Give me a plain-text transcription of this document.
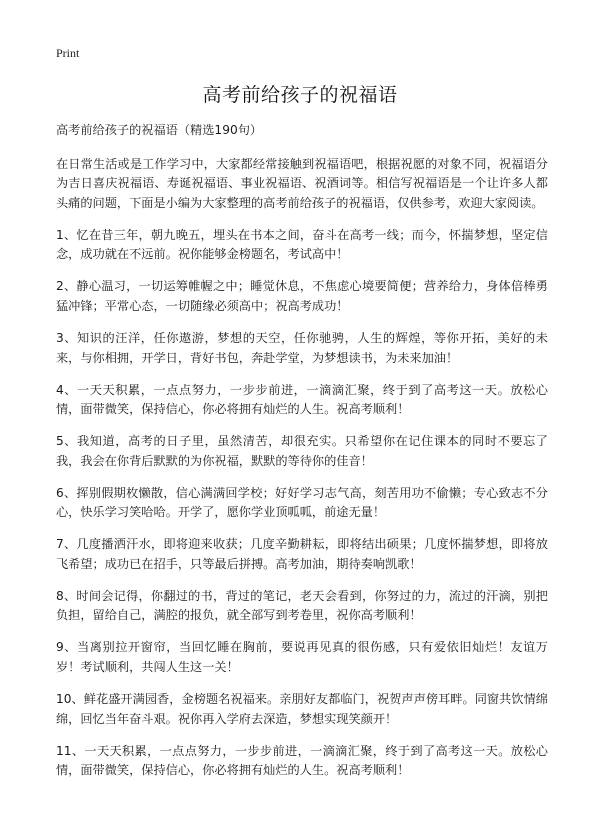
Print
高考前给孩子的祝福语

高考前给孩子的祝福语（精选190句）

在日常生活或是工作学习中，大家都经常接触到祝福语吧，根据祝愿的对象不同，祝福语分为吉日喜庆祝福语、寿诞祝福语、事业祝福语、祝酒词等。相信写祝福语是一个让许多人都头痛的问题，下面是小编为大家整理的高考前给孩子的祝福语，仅供参考，欢迎大家阅读。

1、忆在昔三年，朝九晚五，埋头在书本之间，奋斗在高考一线；而今，怀揣梦想，坚定信念，成功就在不远前。祝你能够金榜题名，考试高中！

2、静心温习，一切运筹帷幄之中；睡觉休息，不焦虑心境要简便；营养给力，身体倍棒勇猛冲锋；平常心态，一切随缘必须高中；祝高考成功！

3、知识的汪洋，任你遨游，梦想的天空，任你驰骋，人生的辉煌，等你开拓，美好的未来，与你相拥，开学日，背好书包，奔赴学堂，为梦想读书，为未来加油！

4、一天天积累，一点点努力，一步步前进，一滴滴汇聚，终于到了高考这一天。放松心情，面带微笑，保持信心，你必将拥有灿烂的人生。祝高考顺利！

5、我知道，高考的日子里，虽然清苦，却很充实。只希望你在记住课本的同时不要忘了我，我会在你背后默默的为你祝福，默默的等待你的佳音！

6、挥别假期枚懒散，信心满满回学校；好好学习志气高，刻苦用功不偷懒；专心致志不分心，快乐学习笑哈哈。开学了，愿你学业顶呱呱，前途无量！

7、几度播洒汗水，即将迎来收获；几度辛勤耕耘，即将结出硕果；几度怀揣梦想，即将放飞希望；成功已在招手，只等最后拼搏。高考加油，期待奏响凯歌！

8、时间会记得，你翻过的书，背过的笔记，老天会看到，你努过的力，流过的汗滴，别把负担，留给自己，满腔的报负，就全部写到考卷里，祝你高考顺利！

9、当离别拉开窗帘，当回忆睡在胸前，要说再见真的很伤感，只有爱依旧灿烂！友谊万岁！考试顺利，共闯人生这一关！

10、鲜花盛开满园香，金榜题名祝福来。亲朋好友都临门，祝贺声声傍耳畔。同窗共饮情绵绵，回忆当年奋斗艰。祝你再入学府去深造，梦想实现笑颜开！

11、一天天积累，一点点努力，一步步前进，一滴滴汇聚，终于到了高考这一天。放松心情，面带微笑，保持信心，你必将拥有灿烂的人生。祝高考顺利！
